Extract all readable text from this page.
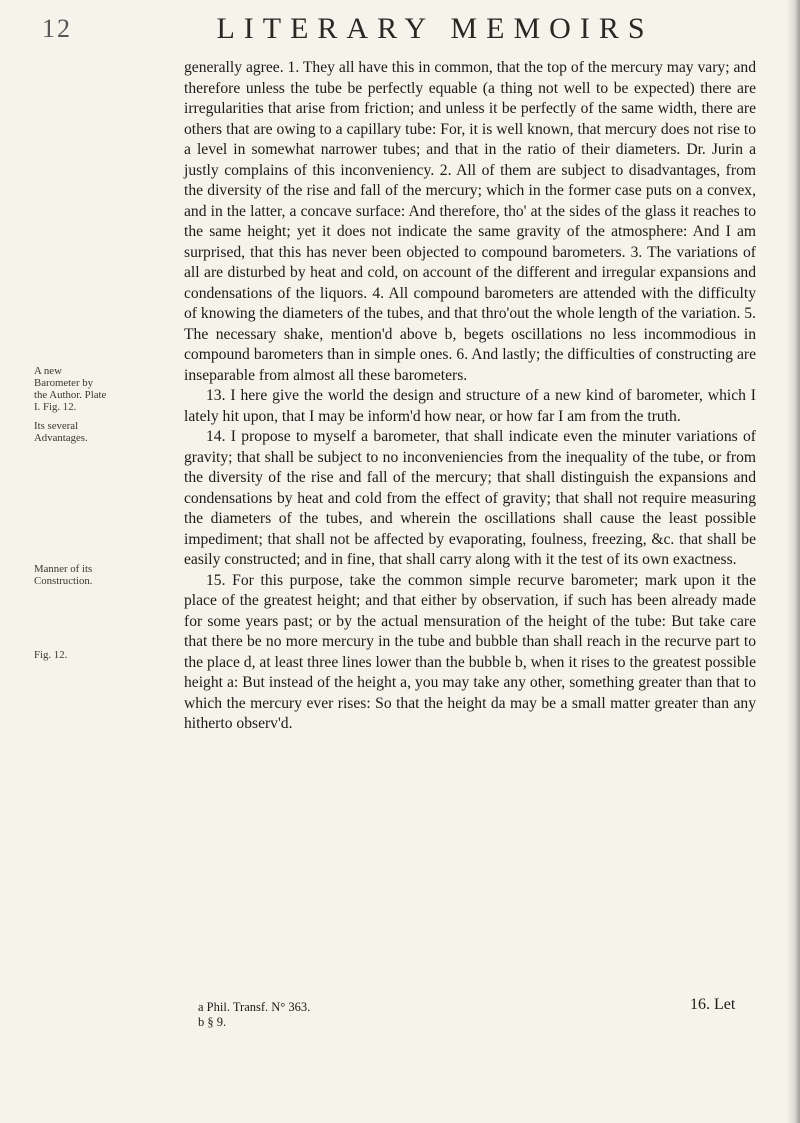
12	LITERARY MEMOIRS
A new Barometer by the Author. Plate I. Fig. 12.
Its several Advantages.
Manner of its Construction.
Fig. 12.

generally agree. 1. They all have this in common, that the top of the mercury may vary; and therefore unless the tube be perfectly equable (a thing not well to be expected) there are irregularities that arise from friction; and unless it be perfectly of the same width, there are others that are owing to a capillary tube: For, it is well known, that mercury does not rise to a level in somewhat narrower tubes; and that in the ratio of their diameters. Dr. Jurin a justly complains of this inconveniency. 2. All of them are subject to disadvantages, from the diversity of the rise and fall of the mercury; which in the former case puts on a convex, and in the latter, a concave surface: And therefore, tho' at the sides of the glass it reaches to the same height; yet it does not indicate the same gravity of the atmosphere: And I am surprised, that this has never been objected to compound barometers. 3. The variations of all are disturbed by heat and cold, on account of the different and irregular expansions and condensations of the liquors. 4. All compound barometers are attended with the difficulty of knowing the diameters of the tubes, and that thro'out the whole length of the variation. 5. The necessary shake, mention'd above b, begets oscillations no less incommodious in compound barometers than in simple ones. 6. And lastly; the difficulties of constructing are inseparable from almost all these barometers.

13. I here give the world the design and structure of a new kind of barometer, which I lately hit upon, that I may be inform'd how near, or how far I am from the truth.

14. I propose to myself a barometer, that shall indicate even the minuter variations of gravity; that shall be subject to no inconveniencies from the inequality of the tube, or from the diversity of the rise and fall of the mercury; that shall distinguish the expansions and condensations by heat and cold from the effect of gravity; that shall not require measuring the diameters of the tubes, and wherein the oscillations shall cause the least possible impediment; that shall not be affected by evaporating, foulness, freezing, &c. that shall be easily constructed; and in fine, that shall carry along with it the test of its own exactness.

15. For this purpose, take the common simple recurve barometer; mark upon it the place of the greatest height; and that either by observation, if such has been already made for some years past; or by the actual mensuration of the height of the tube: But take care that there be no more mercury in the tube and bubble than shall reach in the recurve part to the place d, at least three lines lower than the bubble b, when it rises to the greatest possible height a: But instead of the height a, you may take any other, something greater than that to which the mercury ever rises: So that the height da may be a small matter greater than any hitherto observ'd.

a Phil. Transf. N° 363.
b § 9.
16. Let
